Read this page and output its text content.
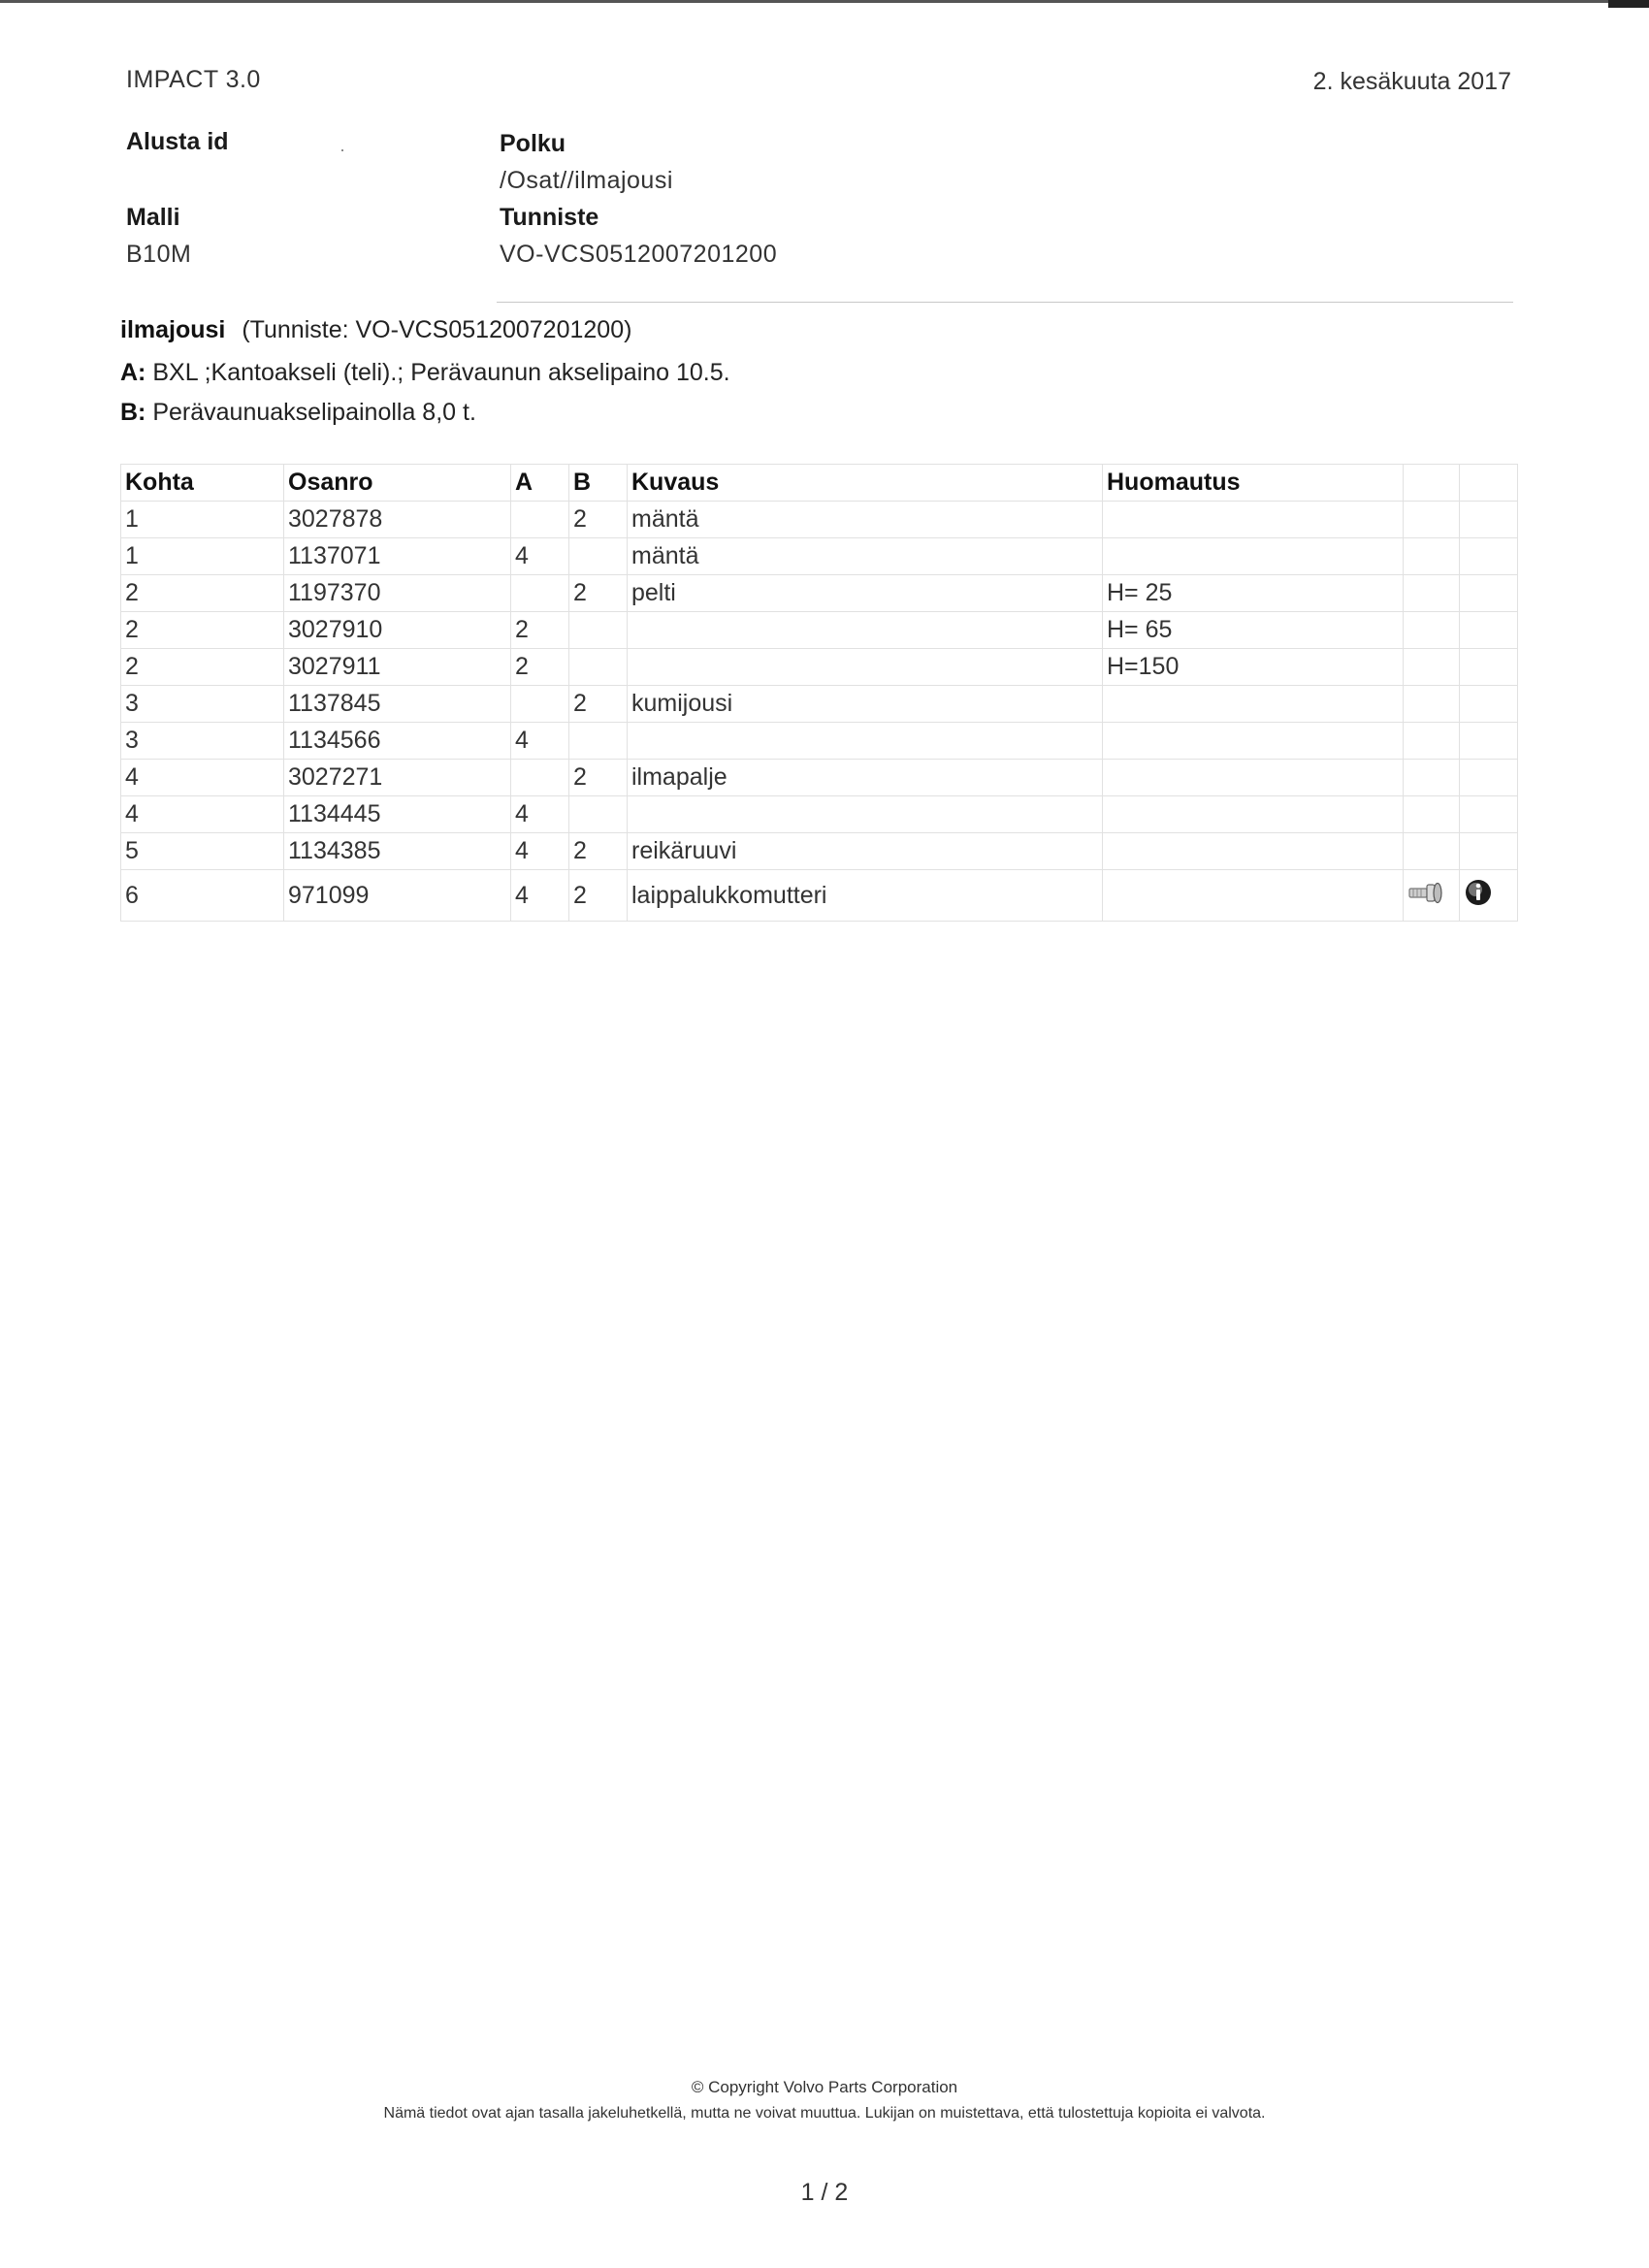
IMPACT 3.0	2. kesäkuuta 2017
Alusta id
Malli
B10M
Polku
/Osat//ilmajousi
Tunniste
VO-VCS0512007201200
ilmajousi (Tunniste: VO-VCS0512007201200)
A: BXL ;Kantoakseli (teli).; Perävaunun akselipaino 10.5.
B: Perävaunuakselipainolla 8,0 t.
Kohta	Osanro	A	B	Kuvaus	Huomautus		
1	3027878		2	mäntä			
1	1137071	4		mäntä			
2	1197370		2	pelti	H= 25		
2	3027910	2			H= 65		
2	3027911	2			H=150		
3	1137845		2	kumijousi			
3	1134566	4					
4	3027271		2	ilmapalje			
4	1134445	4					
5	1134385	4	2	reikäruuvi			
6	971099	4	2	laippalukkomutteri			
© Copyright Volvo Parts Corporation
Nämä tiedot ovat ajan tasalla jakeluhetkellä, mutta ne voivat muuttua. Lukijan on muistettava, että tulostettuja kopioita ei valvota.
1 / 2
